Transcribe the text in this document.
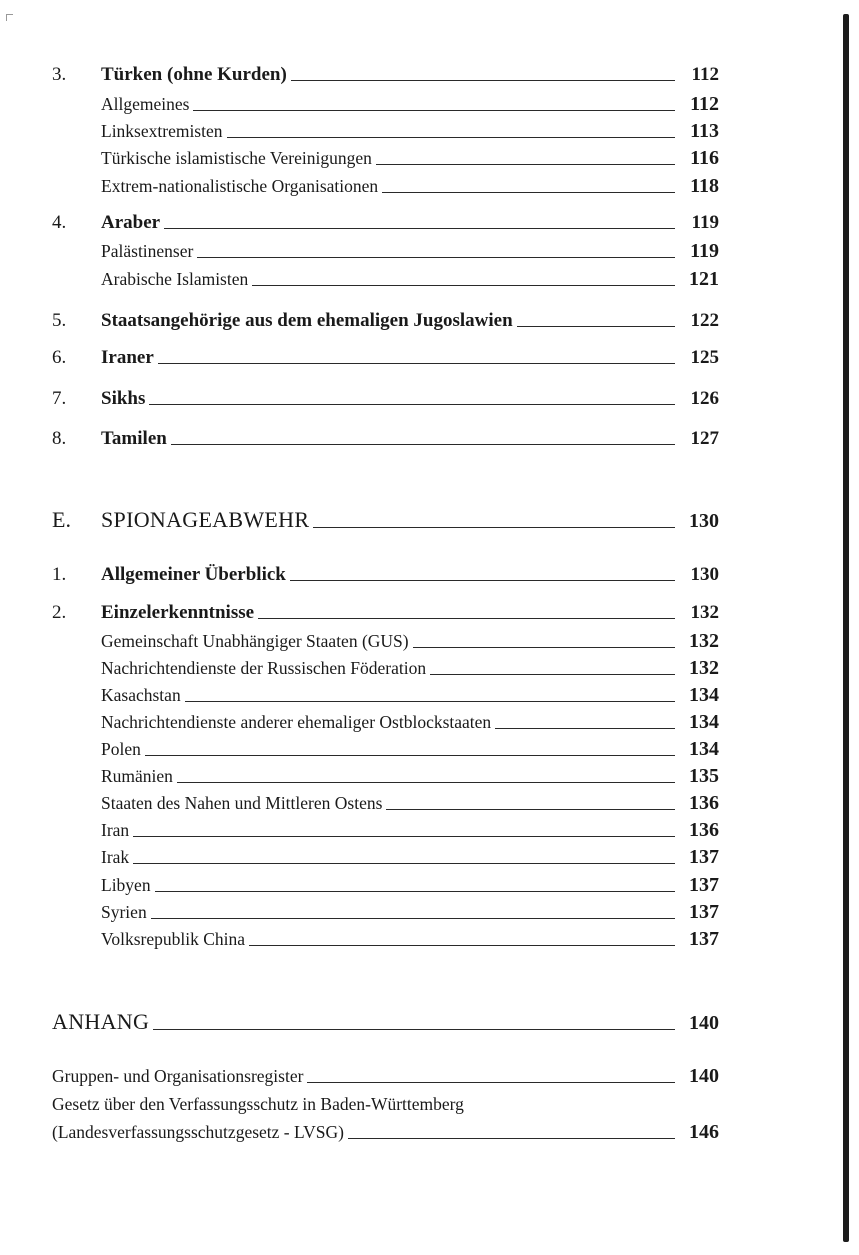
3. Türken (ohne Kurden)	112
Allgemeines	112
Linksextremisten	113
Türkische islamistische Vereinigungen	116
Extrem-nationalistische Organisationen	118
4. Araber	119
Palästinenser	119
Arabische Islamisten	121
5. Staatsangehörige aus dem ehemaligen Jugoslawien	122
6. Iraner	125
7. Sikhs	126
8. Tamilen	127
E. SPIONAGEABWEHR	130
1. Allgemeiner Überblick	130
2. Einzelerkenntnisse	132
Gemeinschaft Unabhängiger Staaten (GUS)	132
Nachrichtendienste der Russischen Föderation	132
Kasachstan	134
Nachrichtendienste anderer ehemaliger Ostblockstaaten	134
Polen	134
Rumänien	135
Staaten des Nahen und Mittleren Ostens	136
Iran	136
Irak	137
Libyen	137
Syrien	137
Volksrepublik China	137
ANHANG	140
Gruppen- und Organisationsregister	140
Gesetz über den Verfassungsschutz in Baden-Württemberg
(Landesverfassungsschutzgesetz - LVSG)	146
